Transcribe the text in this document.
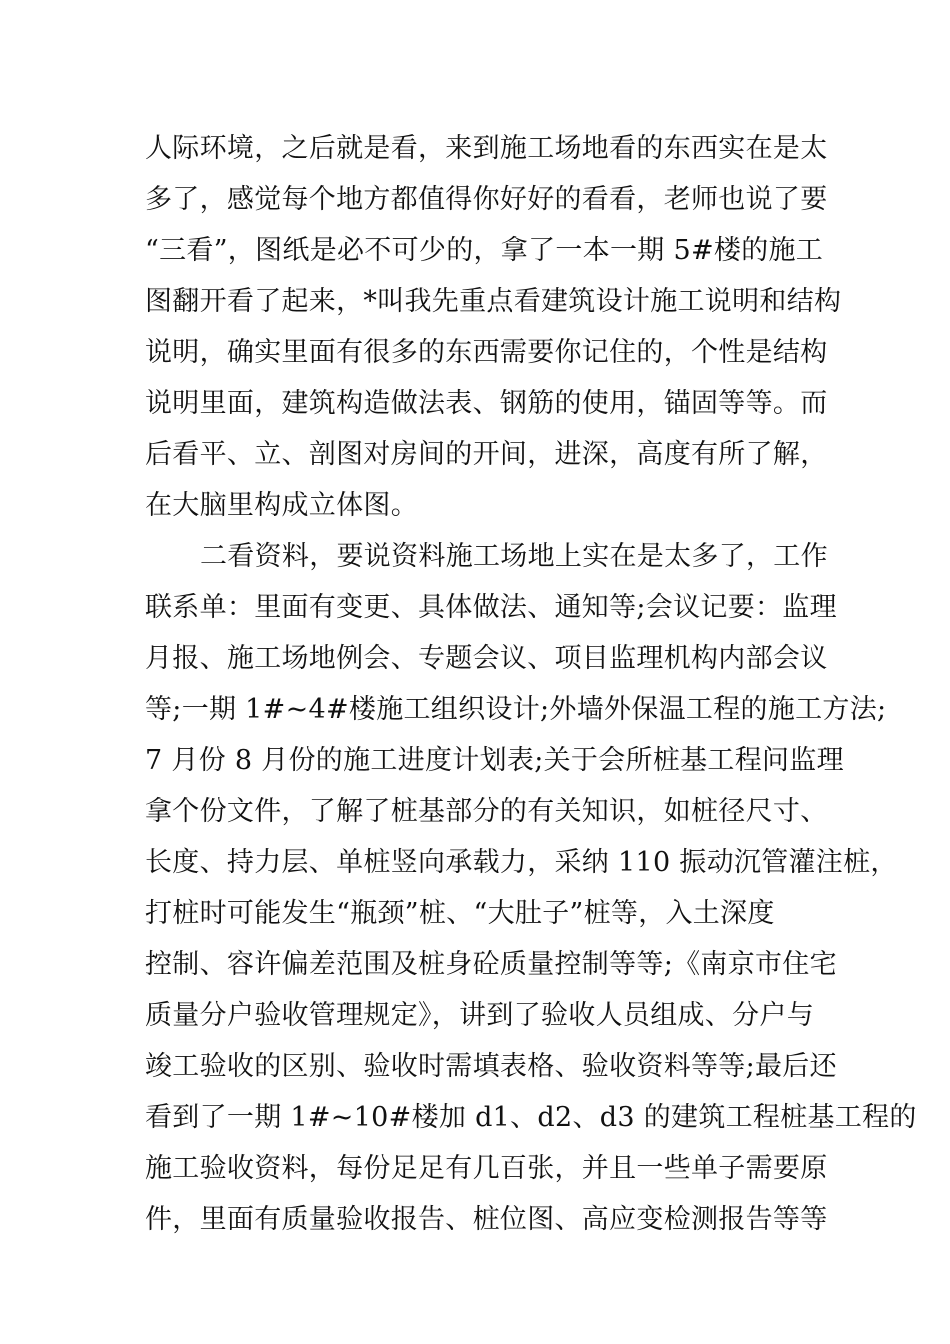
人际环境，之后就是看，来到施工场地看的东西实在是太
多了，感觉每个地方都值得你好好的看看，老师也说了要
“三看”，图纸是必不可少的，拿了一本一期 5#楼的施工
图翻开看了起来，*叫我先重点看建筑设计施工说明和结构
说明，确实里面有很多的东西需要你记住的，个性是结构
说明里面，建筑构造做法表、钢筋的使用，锚固等等。而
后看平、立、剖图对房间的开间，进深，高度有所了解，
在大脑里构成立体图。
二看资料，要说资料施工场地上实在是太多了，工作
联系单：里面有变更、具体做法、通知等;会议记要：监理
月报、施工场地例会、专题会议、项目监理机构内部会议
等;一期 1#~4#楼施工组织设计;外墙外保温工程的施工方法;
7 月份 8 月份的施工进度计划表;关于会所桩基工程问监理
拿个份文件，了解了桩基部分的有关知识，如桩径尺寸、
长度、持力层、单桩竖向承载力，采纳 110 振动沉管灌注桩，
打桩时可能发生“瓶颈”桩、“大肚子”桩等，入土深度
控制、容许偏差范围及桩身砼质量控制等等;《南京市住宅
质量分户验收管理规定》，讲到了验收人员组成、分户与
竣工验收的区别、验收时需填表格、验收资料等等;最后还
看到了一期 1#~10#楼加 d1、d2、d3 的建筑工程桩基工程的
施工验收资料，每份足足有几百张，并且一些单子需要原
件，里面有质量验收报告、桩位图、高应变检测报告等等
